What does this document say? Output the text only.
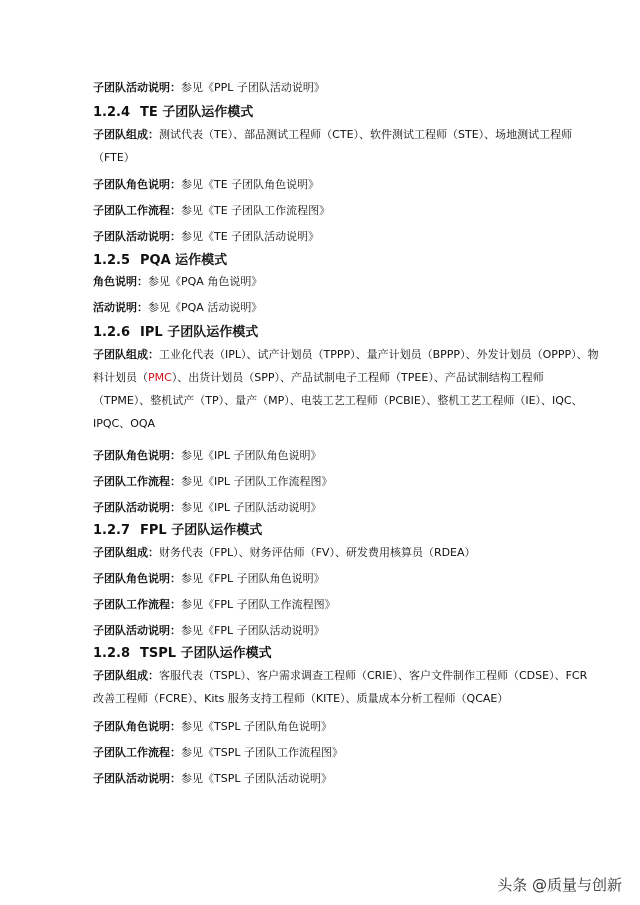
子团队活动说明：参见《PPL 子团队活动说明》
1.2.4 TE 子团队运作模式
子团队组成：测试代表（TE）、部品测试工程师（CTE）、软件测试工程师（STE）、场地测试工程师（FTE）
子团队角色说明：参见《TE 子团队角色说明》
子团队工作流程：参见《TE 子团队工作流程图》
子团队活动说明：参见《TE 子团队活动说明》
1.2.5 PQA 运作模式
角色说明：参见《PQA 角色说明》
活动说明：参见《PQA 活动说明》
1.2.6 IPL 子团队运作模式
子团队组成：工业化代表（IPL）、试产计划员（TPPP）、量产计划员（BPPP）、外发计划员（OPPP）、物料计划员（PMC）、出货计划员（SPP）、产品试制电子工程师（TPEE）、产品试制结构工程师（TPME）、整机试产（TP）、量产（MP）、电装工艺工程师（PCBIE）、整机工艺工程师（IE）、IQC、IPQC、OQA
子团队角色说明：参见《IPL 子团队角色说明》
子团队工作流程：参见《IPL 子团队工作流程图》
子团队活动说明：参见《IPL 子团队活动说明》
1.2.7 FPL 子团队运作模式
子团队组成：财务代表（FPL）、财务评估师（FV）、研发费用核算员（RDEA）
子团队角色说明：参见《FPL 子团队角色说明》
子团队工作流程：参见《FPL 子团队工作流程图》
子团队活动说明：参见《FPL 子团队活动说明》
1.2.8 TSPL 子团队运作模式
子团队组成：客服代表（TSPL）、客户需求调查工程师（CRIE）、客户文件制作工程师（CDSE）、FCR 改善工程师（FCRE）、Kits 服务支持工程师（KITE）、质量成本分析工程师（QCAE）
子团队角色说明：参见《TSPL 子团队角色说明》
子团队工作流程：参见《TSPL 子团队工作流程图》
子团队活动说明：参见《TSPL 子团队活动说明》
头条 @质量与创新
